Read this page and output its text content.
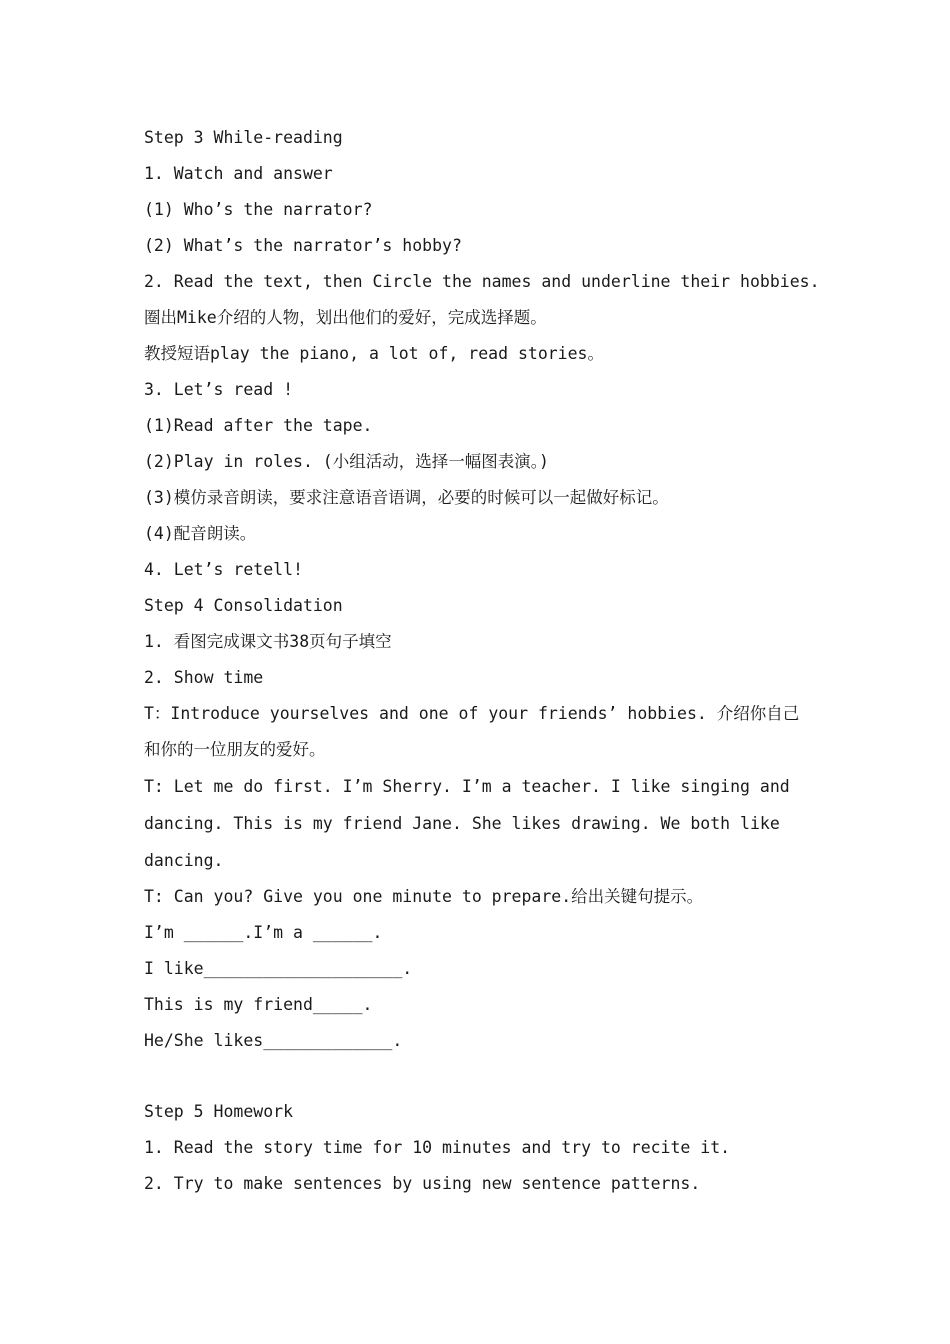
Step 3 While-reading

1. Watch and answer

(1) Who’s the narrator?

(2) What’s the narrator’s hobby?

2. Read the text, then Circle the names and underline their hobbies.

圈出Mike介绍的人物，划出他们的爱好，完成选择题。

教授短语play the piano, a lot of, read stories。

3. Let’s read !

(1)Read after the tape.

(2)Play in roles. (小组活动，选择一幅图表演。)

(3)模仿录音朗读，要求注意语音语调，必要的时候可以一起做好标记。

(4)配音朗读。

4. Let’s retell!

Step 4 Consolidation

1. 看图完成课文书38页句子填空

2. Show time

T：Introduce yourselves and one of your friends’ hobbies. 介绍你自己

和你的一位朋友的爱好。

T: Let me do first. I’m Sherry. I’m a teacher. I like singing and

dancing. This is my friend Jane. She likes drawing. We both like

dancing.

T: Can you? Give you one minute to prepare.给出关键句提示。

I’m ______.I’m a ______.

I like____________________.

This is my friend_____.

He/She likes_____________.

Step 5 Homework

1. Read the story time for 10 minutes and try to recite it.

2. Try to make sentences by using new sentence patterns.
